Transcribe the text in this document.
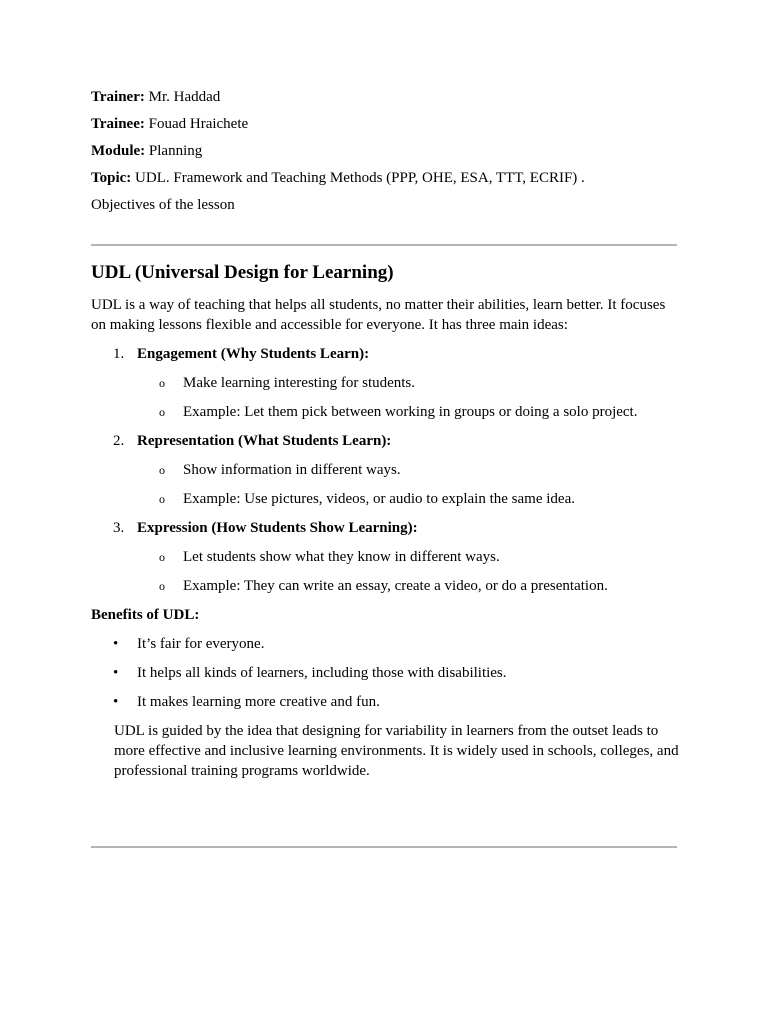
Trainer: Mr. Haddad

Trainee: Fouad Hraichete

Module: Planning

Topic: UDL. Framework and Teaching Methods (PPP, OHE, ESA, TTT, ECRIF) .

Objectives of the lesson

UDL (Universal Design for Learning)

UDL is a way of teaching that helps all students, no matter their abilities, learn better. It focuses on making lessons flexible and accessible for everyone. It has three main ideas:

1. Engagement (Why Students Learn):
o Make learning interesting for students.
o Example: Let them pick between working in groups or doing a solo project.
2. Representation (What Students Learn):
o Show information in different ways.
o Example: Use pictures, videos, or audio to explain the same idea.
3. Expression (How Students Show Learning):
o Let students show what they know in different ways.
o Example: They can write an essay, create a video, or do a presentation.
Benefits of UDL:
• It’s fair for everyone.
• It helps all kinds of learners, including those with disabilities.
• It makes learning more creative and fun.

UDL is guided by the idea that designing for variability in learners from the outset leads to more effective and inclusive learning environments. It is widely used in schools, colleges, and professional training programs worldwide.
